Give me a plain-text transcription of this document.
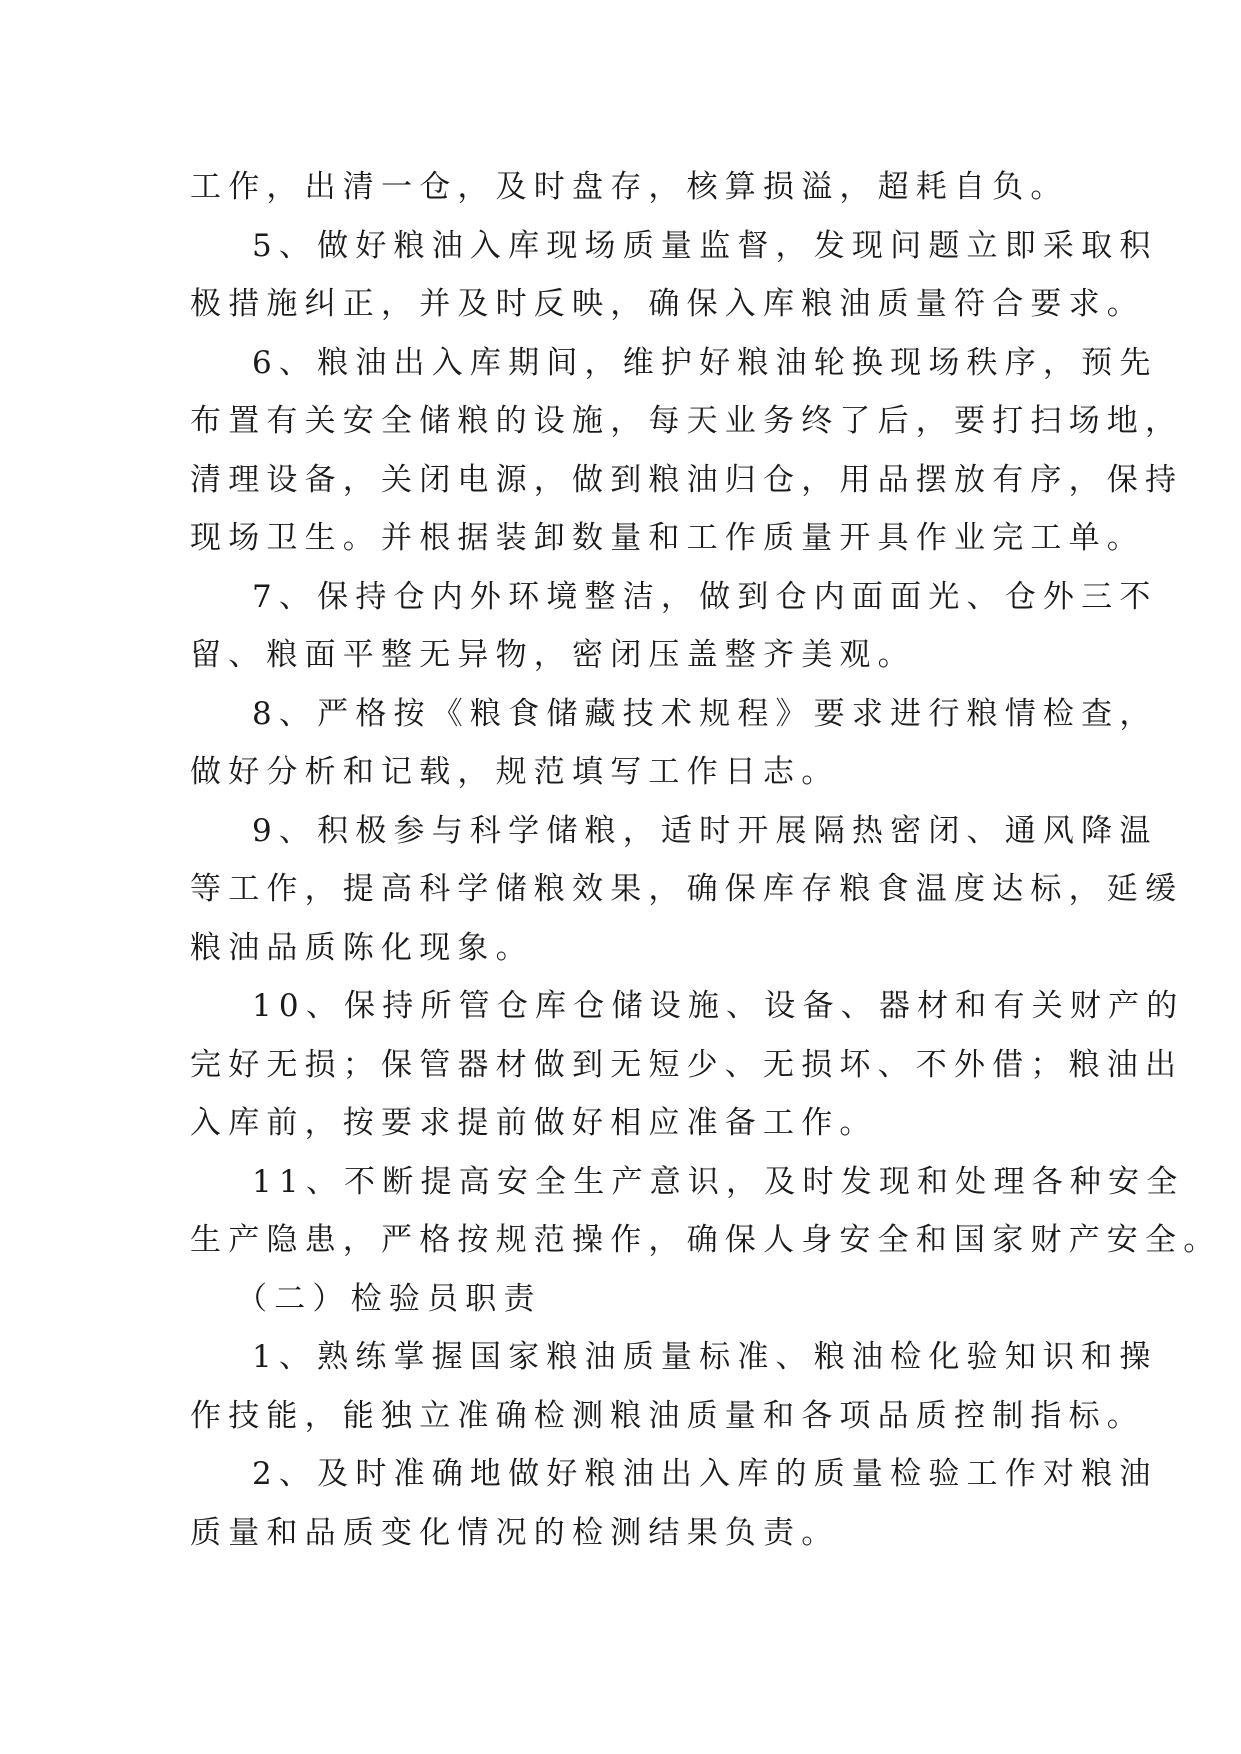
工作，出清一仓，及时盘存，核算损溢，超耗自负。
5、做好粮油入库现场质量监督，发现问题立即采取积
极措施纠正，并及时反映，确保入库粮油质量符合要求。
6、粮油出入库期间，维护好粮油轮换现场秩序，预先
布置有关安全储粮的设施，每天业务终了后，要打扫场地，
清理设备，关闭电源，做到粮油归仓，用品摆放有序，保持
现场卫生。并根据装卸数量和工作质量开具作业完工单。
7、保持仓内外环境整洁，做到仓内面面光、仓外三不
留、粮面平整无异物，密闭压盖整齐美观。
8、严格按《粮食储藏技术规程》要求进行粮情检查，
做好分析和记载，规范填写工作日志。
9、积极参与科学储粮，适时开展隔热密闭、通风降温
等工作，提高科学储粮效果，确保库存粮食温度达标，延缓
粮油品质陈化现象。
10、保持所管仓库仓储设施、设备、器材和有关财产的
完好无损；保管器材做到无短少、无损坏、不外借；粮油出
入库前，按要求提前做好相应准备工作。
11、不断提高安全生产意识，及时发现和处理各种安全
生产隐患，严格按规范操作，确保人身安全和国家财产安全。
（二）检验员职责
1、熟练掌握国家粮油质量标准、粮油检化验知识和操
作技能，能独立准确检测粮油质量和各项品质控制指标。
2、及时准确地做好粮油出入库的质量检验工作对粮油
质量和品质变化情况的检测结果负责。
